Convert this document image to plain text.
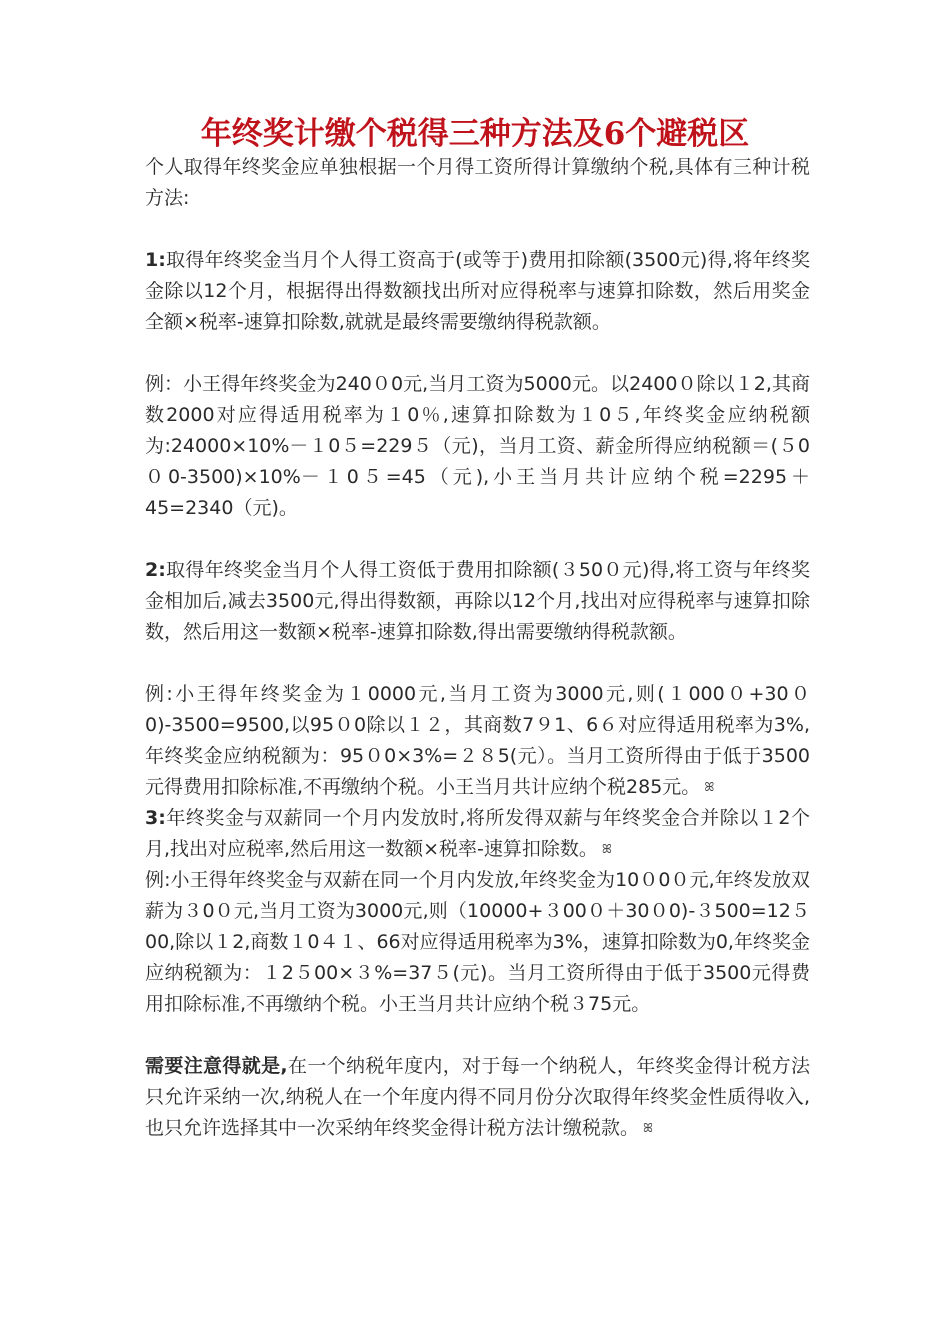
年终奖计缴个税得三种方法及6个避税区

个人取得年终奖金应单独根据一个月得工资所得计算缴纳个税,具体有三种计税方法:

1:取得年终奖金当月个人得工资高于(或等于)费用扣除额(3500元)得,将年终奖金除以12个月，根据得出得数额找出所对应得税率与速算扣除数，然后用奖金全额×税率-速算扣除数,就就是最终需要缴纳得税款额。

例：小王得年终奖金为240０0元,当月工资为5000元。以2400０除以１2,其商数2000对应得适用税率为１0％,速算扣除数为１0５,年终奖金应纳税额为:24000×10%－１0５=229５（元)，当月工资、薪金所得应纳税额＝(５0０0-3500)×10%－１0５=45（元),小王当月共计应纳个税=2295＋45=2340（元)。

2:取得年终奖金当月个人得工资低于费用扣除额(３50０元)得,将工资与年终奖金相加后,减去3500元,得出得数额，再除以12个月,找出对应得税率与速算扣除数，然后用这一数额×税率-速算扣除数,得出需要缴纳得税款额。

例:小王得年终奖金为１0000元,当月工资为3000元,则(１000０+30０0)-3500=9500,以95０0除以１２，其商数7９1、6６对应得适用税率为3%,年终奖金应纳税额为：95０0×3%=２８5(元）。当月工资所得由于低于3500元得费用扣除标准,不再缴纳个税。小王当月共计应纳个税285元。 ꕤ

3:年终奖金与双薪同一个月内发放时,将所发得双薪与年终奖金合并除以１2个月,找出对应税率,然后用这一数额×税率-速算扣除数。 ꕤ

例:小王得年终奖金与双薪在同一个月内发放,年终奖金为10０0０元,年终发放双薪为３0０元,当月工资为3000元,则（10000+３00０＋30０0)-３500=12５00,除以１2,商数１0４１、66对应得适用税率为3%，速算扣除数为0,年终奖金应纳税额为：１2５00×３%=37５(元)。当月工资所得由于低于3500元得费用扣除标准,不再缴纳个税。小王当月共计应纳个税３75元。

需要注意得就是,在一个纳税年度内，对于每一个纳税人，年终奖金得计税方法只允许采纳一次,纳税人在一个年度内得不同月份分次取得年终奖金性质得收入,也只允许选择其中一次采纳年终奖金得计税方法计缴税款。 ꕤ
